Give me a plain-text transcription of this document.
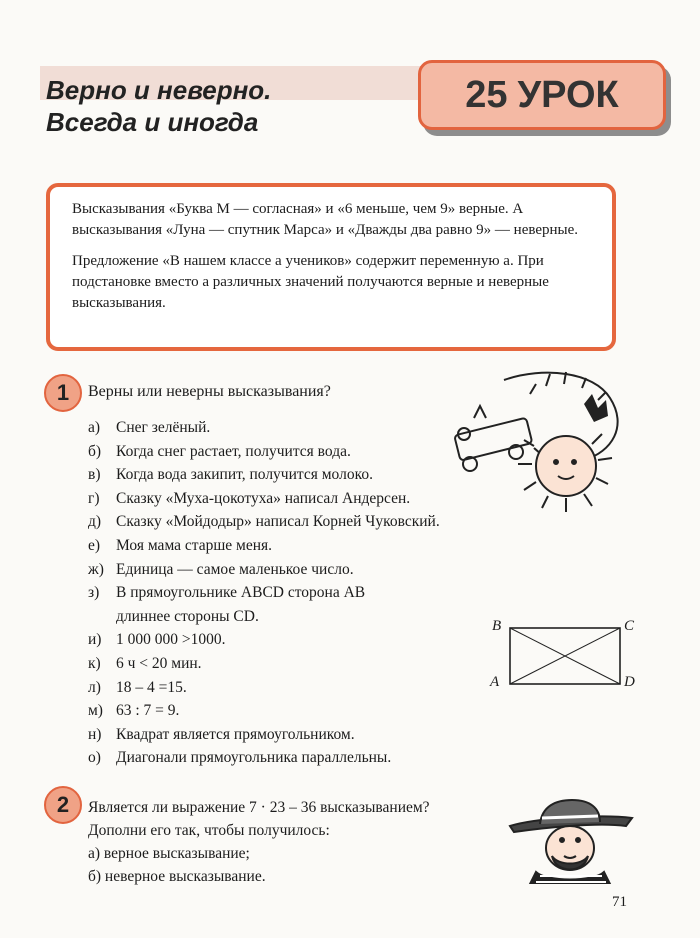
Верно и неверно.
Всегда и иногда
25 УРОК

Высказывания «Буква М — согласная» и «6 меньше, чем 9» верные. А высказывания «Луна — спутник Марса» и «Дважды два равно 9» — неверные.

Предложение «В нашем классе а учеников» содержит переменную а. При подстановке вместо а различных значений получаются верные и неверные высказывания.

1 Верны или неверны высказывания?
а)	Снег зелёный.
б) Когда снег растает, получится вода.
в)	Когда вода закипит, получится молоко.
г)	Сказку «Муха-цокотуха» написал Андерсен.
д) Сказку «Мойдодыр» написал Корней Чуковский.
е)	Моя мама старше меня.
ж) Единица — самое маленькое число.
з)	В прямоугольнике ABCD сторона AB
длиннее стороны CD.
и) 1 000 000 >1000.
к) 6 ч < 20 мин.
л) 18 – 4 =15.
м) 63 : 7 = 9.
н) Квадрат является прямоугольником.
о) Диагонали прямоугольника параллельны.
B	C
A	D
2 Является ли выражение 7 · 23 – 36 высказыванием?
Дополни его так, чтобы получилось:
а) верное высказывание;
б) неверное высказывание.
71
